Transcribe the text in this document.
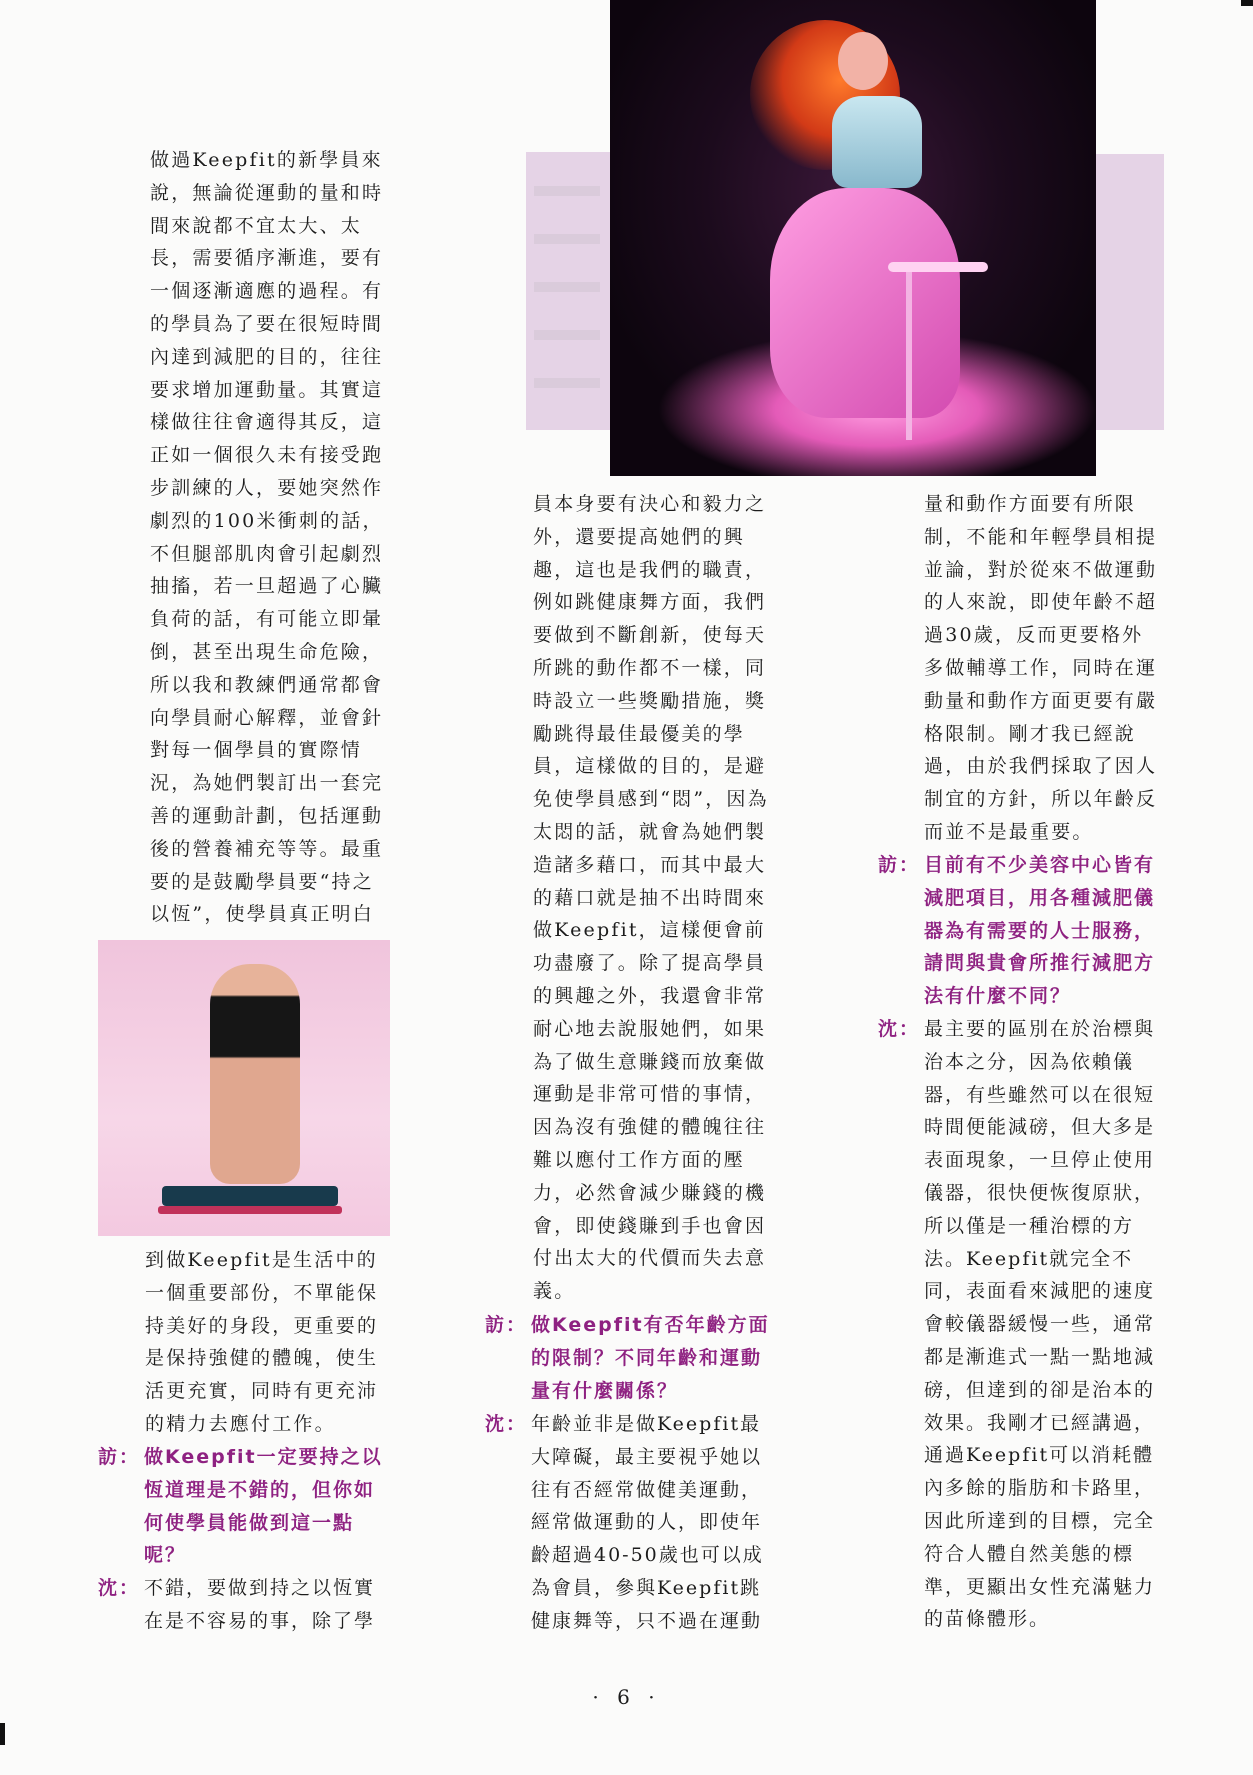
做過Keepfit的新學員來
說，無論從運動的量和時
間來說都不宜太大、太
長，需要循序漸進，要有
一個逐漸適應的過程。有
的學員為了要在很短時間
內達到減肥的目的，往往
要求增加運動量。其實這
樣做往往會適得其反，這
正如一個很久未有接受跑
步訓練的人，要她突然作
劇烈的100米衝刺的話，
不但腿部肌肉會引起劇烈
抽搐，若一旦超過了心臟
負荷的話，有可能立即暈
倒，甚至出現生命危險，
所以我和教練們通常都會
向學員耐心解釋，並會針
對每一個學員的實際情
況，為她們製訂出一套完
善的運動計劃，包括運動
後的營養補充等等。最重
要的是鼓勵學員要“持之
以恆”，使學員真正明白

到做Keepfit是生活中的
一個重要部份，不單能保
持美好的身段，更重要的
是保持強健的體魄，使生
活更充實，同時有更充沛
的精力去應付工作。

訪： 做Keepfit一定要持之以
恆道理是不錯的，但你如
何使學員能做到這一點
呢？
沈： 不錯，要做到持之以恆實
在是不容易的事，除了學

員本身要有決心和毅力之
外，還要提高她們的興
趣，這也是我們的職責，
例如跳健康舞方面，我們
要做到不斷創新，使每天
所跳的動作都不一樣，同
時設立一些獎勵措施，獎
勵跳得最佳最優美的學
員，這樣做的目的，是避
免使學員感到“悶”，因為
太悶的話，就會為她們製
造諸多藉口，而其中最大
的藉口就是抽不出時間來
做Keepfit，這樣便會前
功盡廢了。除了提高學員
的興趣之外，我還會非常
耐心地去說服她們，如果
為了做生意賺錢而放棄做
運動是非常可惜的事情，
因為沒有強健的體魄往往
難以應付工作方面的壓
力，必然會減少賺錢的機
會，即使錢賺到手也會因
付出太大的代價而失去意
義。

訪： 做Keepfit有否年齡方面
的限制？不同年齡和運動
量有什麼關係？
沈： 年齡並非是做Keepfit最
大障礙，最主要視乎她以
往有否經常做健美運動，
經常做運動的人，即使年
齡超過40-50歲也可以成
為會員，參與Keepfit跳
健康舞等，只不過在運動

量和動作方面要有所限
制，不能和年輕學員相提
並論，對於從來不做運動
的人來說，即使年齡不超
過30歲，反而更要格外
多做輔導工作，同時在運
動量和動作方面更要有嚴
格限制。剛才我已經說
過，由於我們採取了因人
制宜的方針，所以年齡反
而並不是最重要。

訪： 目前有不少美容中心皆有
減肥項目，用各種減肥儀
器為有需要的人士服務，
請問與貴會所推行減肥方
法有什麼不同？
沈： 最主要的區別在於治標與
治本之分，因為依賴儀
器，有些雖然可以在很短
時間便能減磅，但大多是
表面現象，一旦停止使用
儀器，很快便恢復原狀，
所以僅是一種治標的方
法。Keepfit就完全不
同，表面看來減肥的速度
會較儀器緩慢一些，通常
都是漸進式一點一點地減
磅，但達到的卻是治本的
效果。我剛才已經講過，
通過Keepfit可以消耗體
內多餘的脂肪和卡路里，
因此所達到的目標，完全
符合人體自然美態的標
準，更顯出女性充滿魅力
的苗條體形。
· 6 ·
